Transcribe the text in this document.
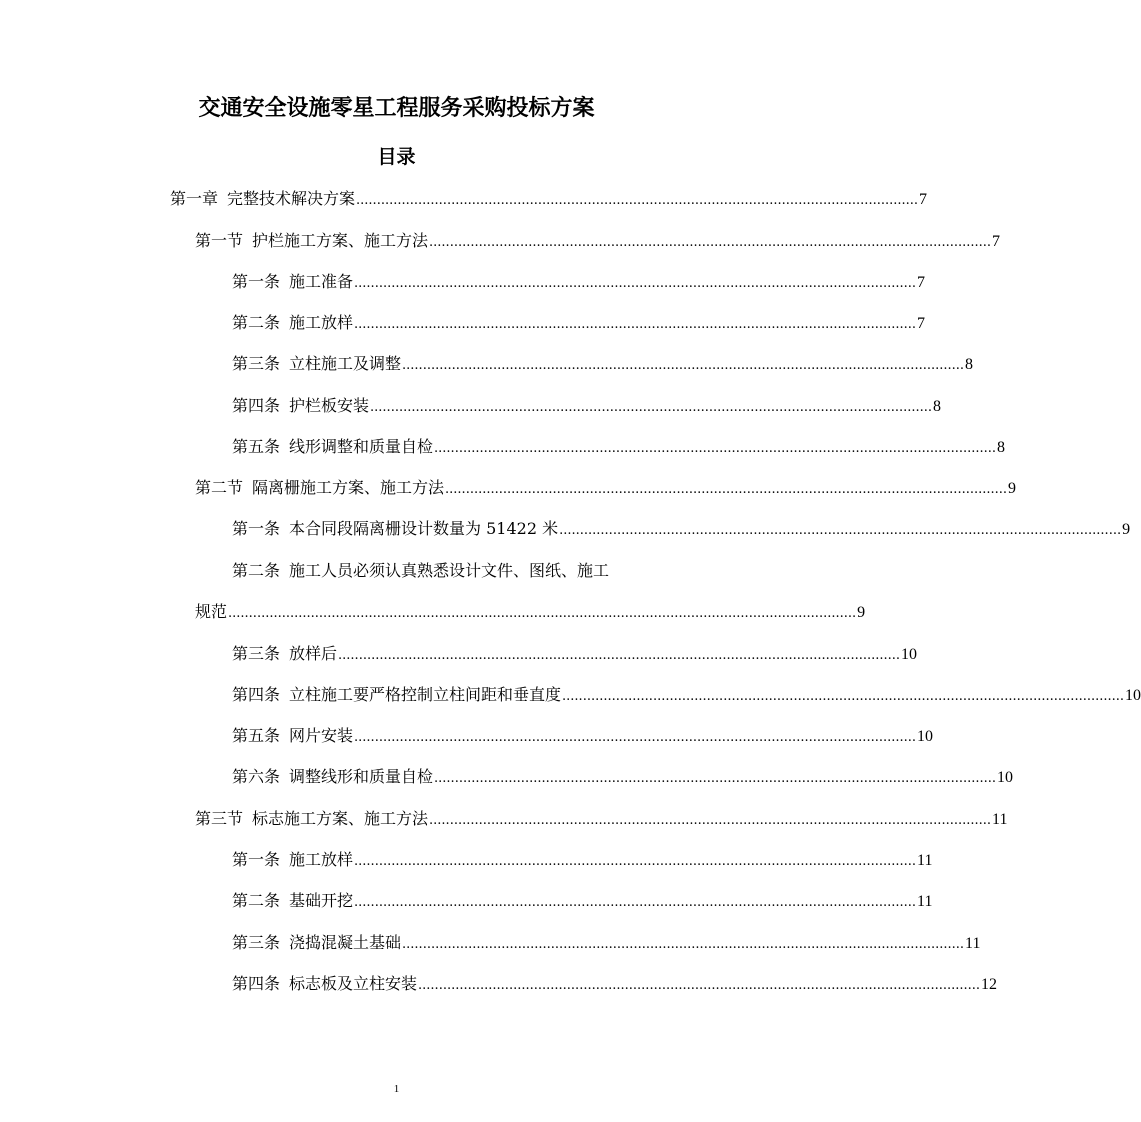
交通安全设施零星工程服务采购投标方案
目录
第一章 完整技术解决方案 ........................................................................................................................................ 7
第一节 护栏施工方案、施工方法 ........................................................................................................................................ 7
第一条 施工准备 ........................................................................................................................................ 7
第二条 施工放样 ........................................................................................................................................ 7
第三条 立柱施工及调整 ........................................................................................................................................ 8
第四条 护栏板安装 ........................................................................................................................................ 8
第五条 线形调整和质量自检 ........................................................................................................................................ 8
第二节 隔离栅施工方案、施工方法 ........................................................................................................................................ 9
第一条 本合同段隔离栅设计数量为 51422 米 ........................................................................................................................................ 9
第二条 施工人员必须认真熟悉设计文件、图纸、施工
规范 ........................................................................................................................................................ 9
第三条 放样后 ........................................................................................................................................ 10
第四条 立柱施工要严格控制立柱间距和垂直度 ........................................................................................................................................ 10
第五条 网片安装 ........................................................................................................................................ 10
第六条 调整线形和质量自检 ........................................................................................................................................ 10
第三节 标志施工方案、施工方法 ........................................................................................................................................ 11
第一条 施工放样 ........................................................................................................................................ 11
第二条 基础开挖 ........................................................................................................................................ 11
第三条 浇捣混凝土基础 ........................................................................................................................................ 11
第四条 标志板及立柱安装 ........................................................................................................................................ 12
1
